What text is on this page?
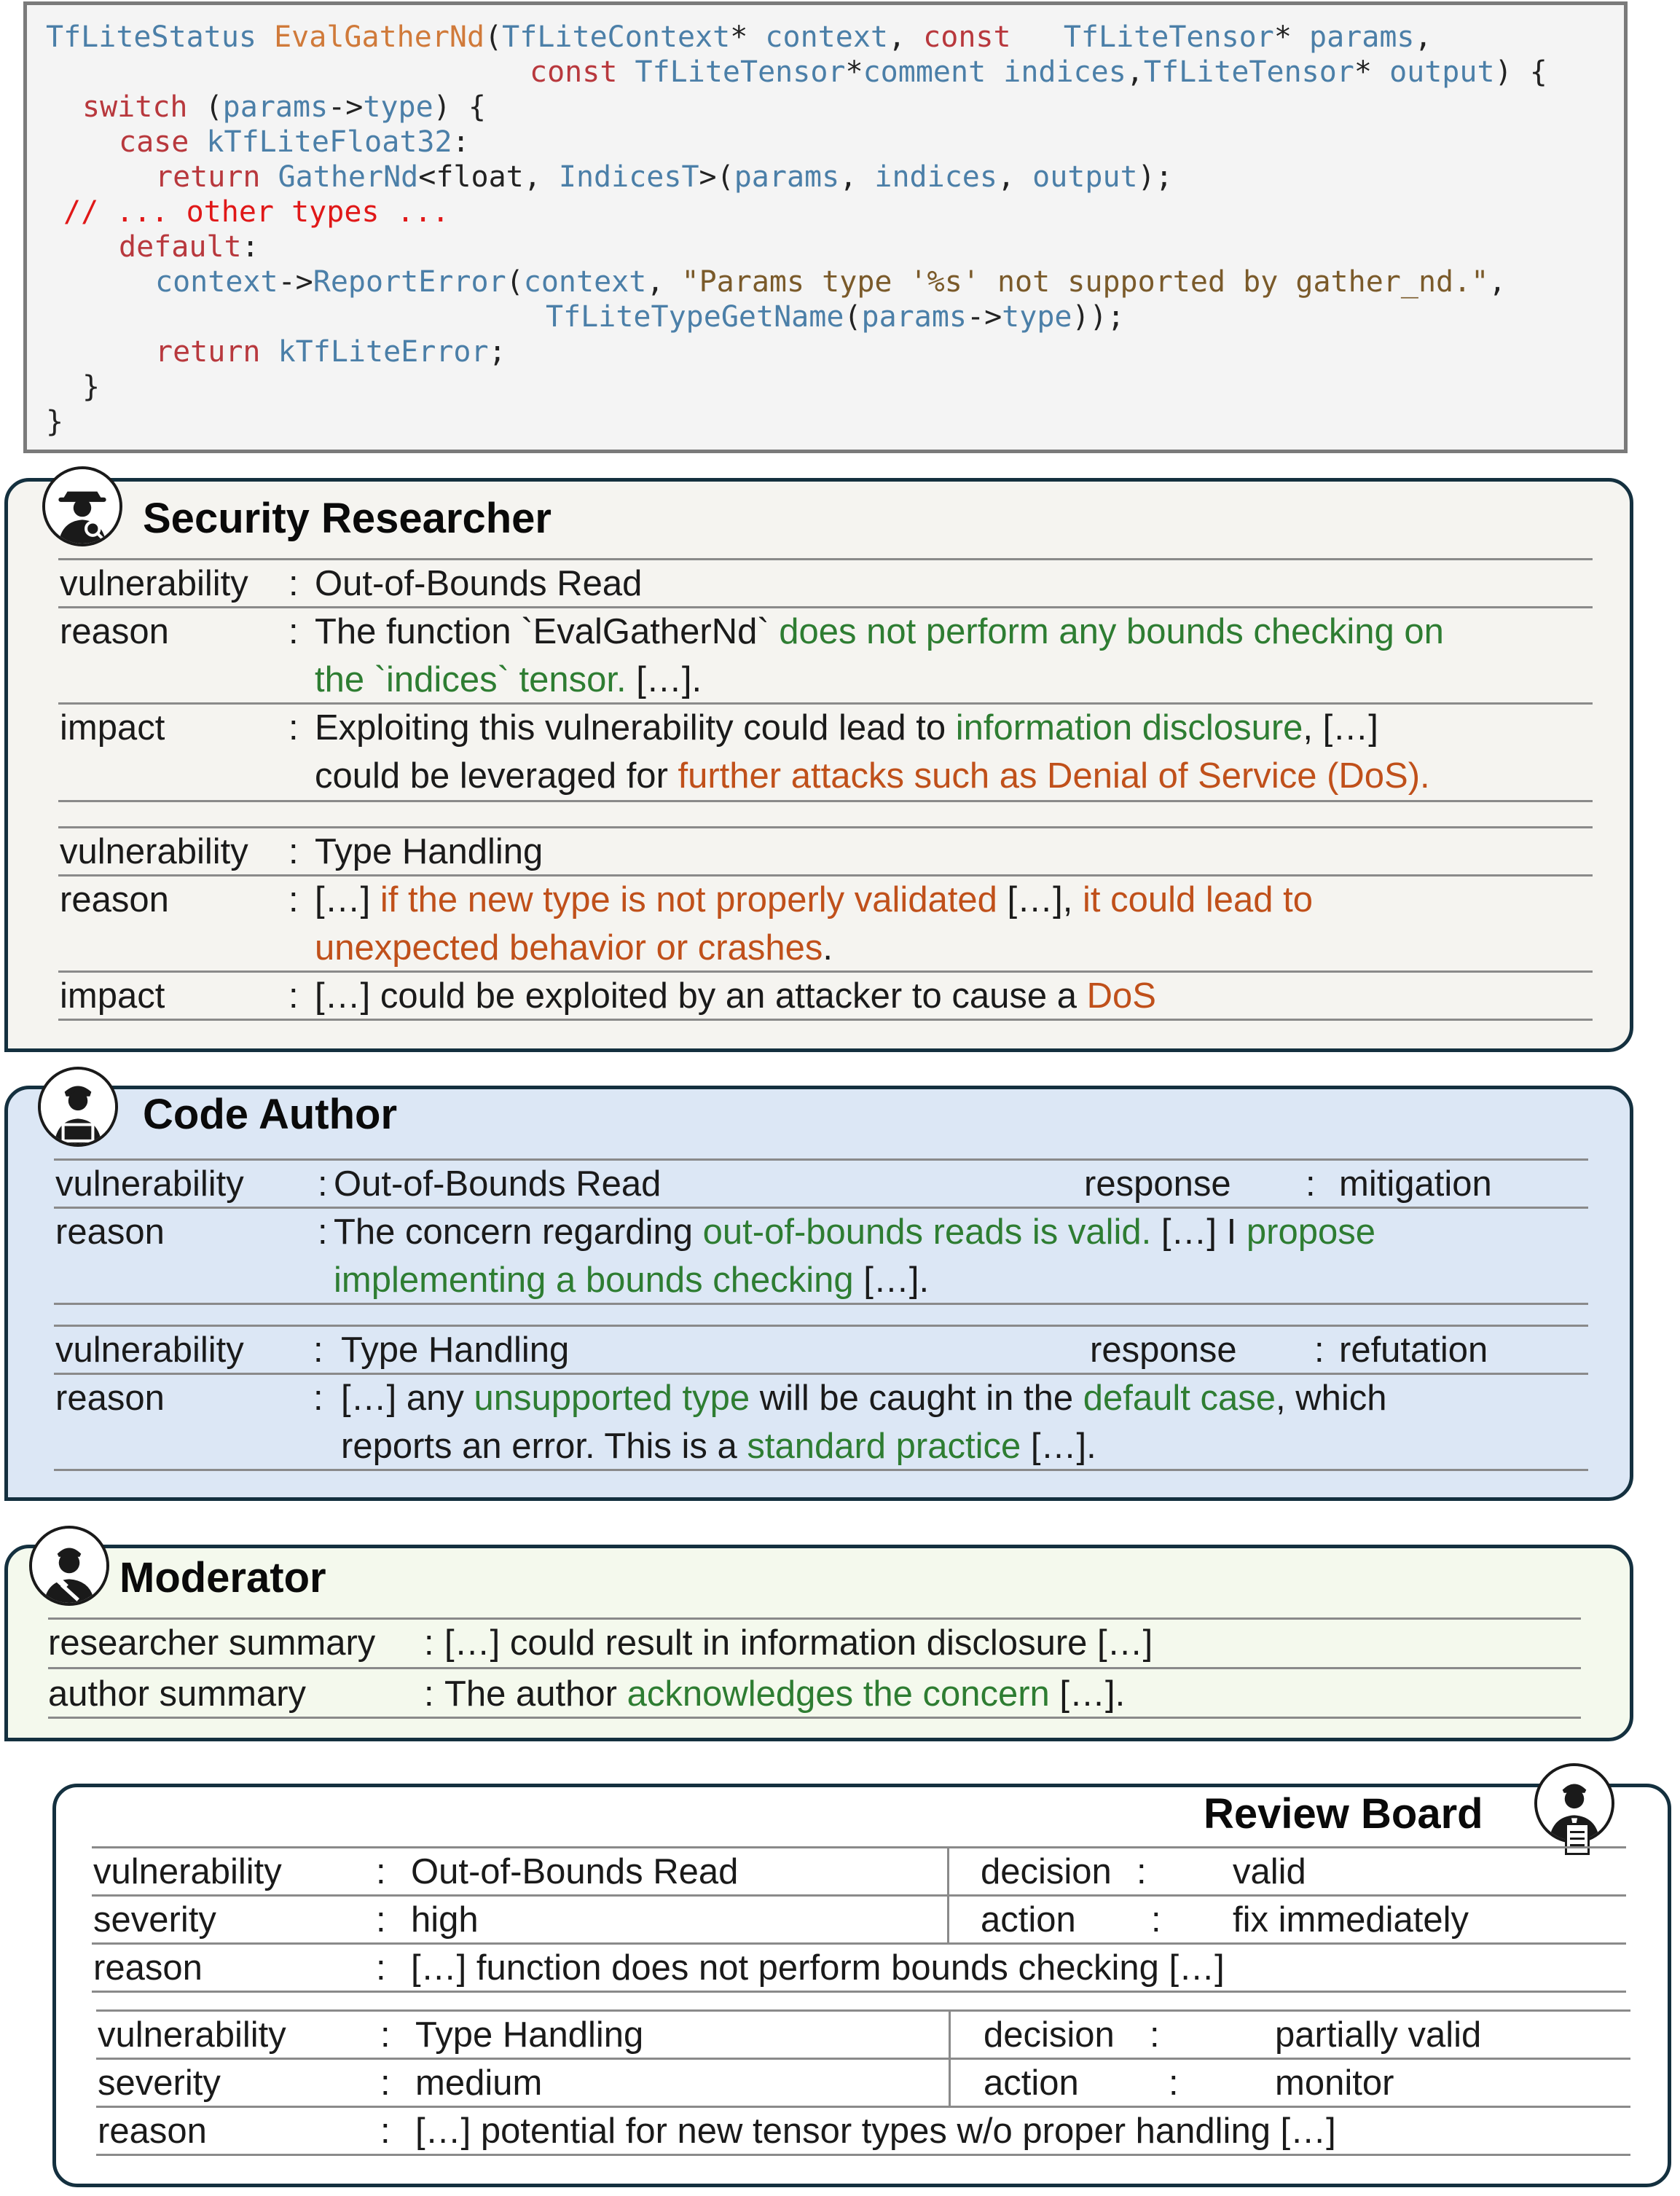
TfLiteStatus EvalGatherNd(TfLiteContext* context, const TfLiteTensor* params,
const TfLiteTensor*comment indices,TfLiteTensor* output) {
switch (params->type) {
case kTfLiteFloat32:
return GatherNd<float, IndicesT>(params, indices, output);
// ... other types ...
default:
context->ReportError(context, "Params type '%s' not supported by gather_nd.",
TfLiteTypeGetName(params->type));
return kTfLiteError;
}
}
Security Researcher
vulnerability : Out-of-Bounds Read
reason	: The function `EvalGatherNd` does not perform any bounds checking on
the `indices` tensor. […].
impact	: Exploiting this vulnerability could lead to information disclosure, […]
could be leveraged for further attacks such as Denial of Service (DoS).
vulnerability : Type Handling
reason	: […] if the new type is not properly validated […], it could lead to
unexpected behavior or crashes.
impact	: […] could be exploited by an attacker to cause a DoS
Code Author
vulnerability : Out-of-Bounds Read	response : mitigation
reason	: The concern regarding out-of-bounds reads is valid. […] I propose
implementing a bounds checking […].
vulnerability : Type Handling	response : refutation
reason	: […] any unsupported type will be caught in the default case, which
reports an error. This is a standard practice […].
Moderator
researcher summary : […] could result in information disclosure […]
author summary	: The author acknowledges the concern […].
Review Board
vulnerability	: Out-of-Bounds Read	decision : valid
severity	: high	action : fix immediately
reason	: […] function does not perform bounds checking […]
vulnerability	: Type Handling	decision :	partially valid
severity	: medium	action	:	monitor
reason	: […] potential for new tensor types w/o proper handling […]
